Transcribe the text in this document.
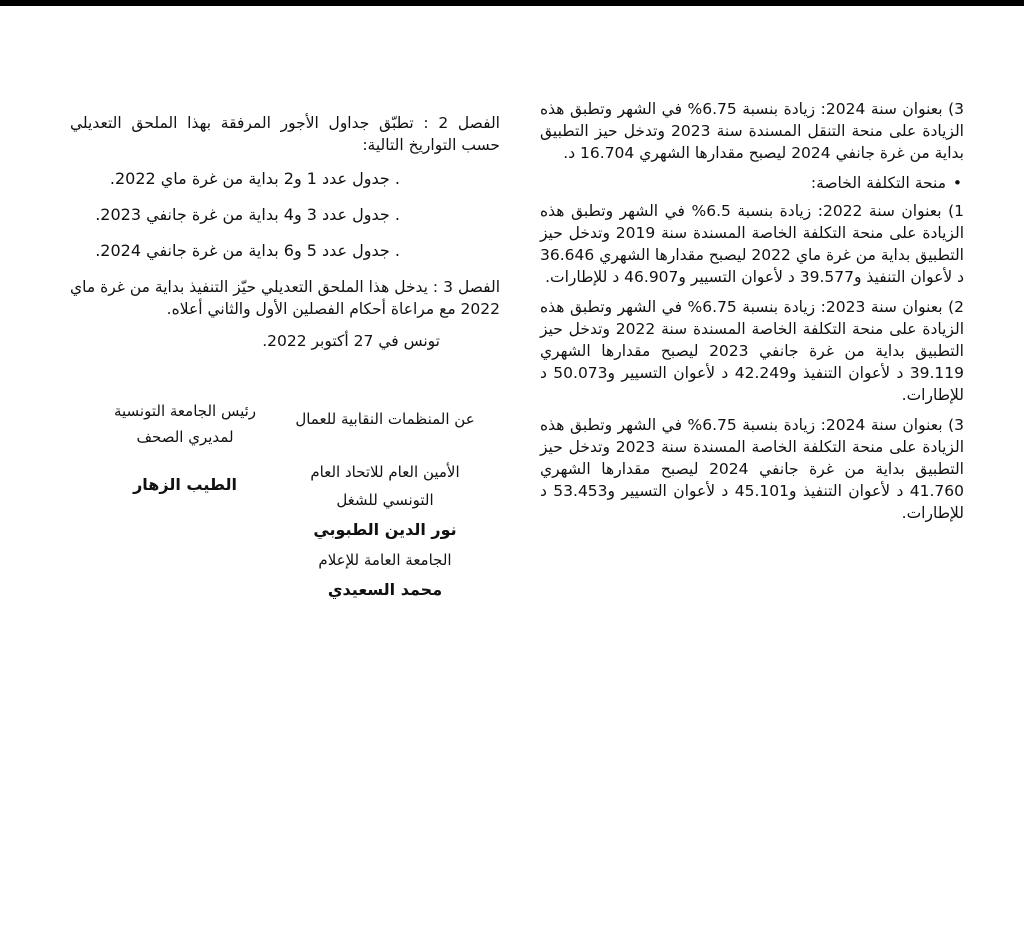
3) بعنوان سنة 2024: زيادة بنسبة 6.75% في الشهر وتطبق هذه الزيادة على منحة التنقل المسندة سنة 2023 وتدخل حيز التطبيق بداية من غرة جانفي 2024 ليصبح مقدارها الشهري 16.704 د.

• منحة التكلفة الخاصة:

1) بعنوان سنة 2022: زيادة بنسبة 6.5% في الشهر وتطبق هذه الزيادة على منحة التكلفة الخاصة المسندة سنة 2019 وتدخل حيز التطبيق بداية من غرة ماي 2022 ليصبح مقدارها الشهري 36.646 د لأعوان التنفيذ و39.577 د لأعوان التسيير و46.907 د للإطارات.

2) بعنوان سنة 2023: زيادة بنسبة 6.75% في الشهر وتطبق هذه الزيادة على منحة التكلفة الخاصة المسندة سنة 2022 وتدخل حيز التطبيق بداية من غرة جانفي 2023 ليصبح مقدارها الشهري 39.119 د لأعوان التنفيذ و42.249 د لأعوان التسيير و50.073 د للإطارات.

3) بعنوان سنة 2024: زيادة بنسبة 6.75% في الشهر وتطبق هذه الزيادة على منحة التكلفة الخاصة المسندة سنة 2023 وتدخل حيز التطبيق بداية من غرة جانفي 2024 ليصبح مقدارها الشهري 41.760 د لأعوان التنفيذ و45.101 د لأعوان التسيير و53.453 د للإطارات.

الفصل 2 : تطبّق جداول الأجور المرفقة بهذا الملحق التعديلي حسب التواريخ التالية:

. جدول عدد 1 و2 بداية من غرة ماي 2022.

. جدول عدد 3 و4 بداية من غرة جانفي 2023.

. جدول عدد 5 و6 بداية من غرة جانفي 2024.

الفصل 3 : يدخل هذا الملحق التعديلي حيّز التنفيذ بداية من غرة ماي 2022 مع مراعاة أحكام الفصلين الأول والثاني أعلاه.

تونس في 27 أكتوبر 2022.

عن المنظمات النقابية للعمال
رئيس الجامعة التونسية
لمديري الصحف
الطيب الزهار
الأمين العام للاتحاد العام
التونسي للشغل
نور الدين الطبوبي
الجامعة العامة للإعلام
محمد السعيدي
